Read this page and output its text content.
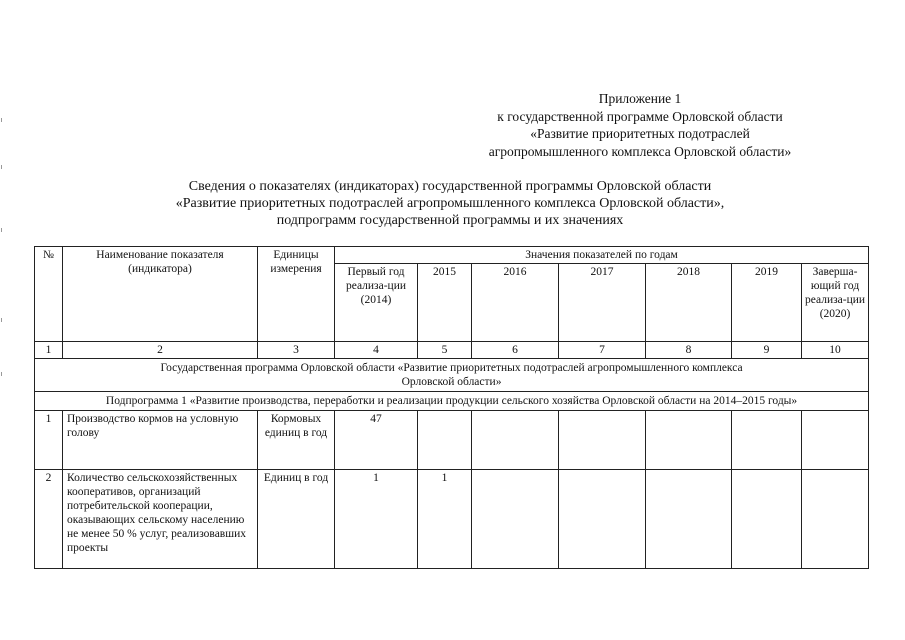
Приложение 1
к государственной программе Орловской области
«Развитие приоритетных подотраслей
агропромышленного комплекса Орловской области»
Сведения о показателях (индикаторах) государственной программы Орловской области
«Развитие приоритетных подотраслей агропромышленного комплекса Орловской области»,
подпрограмм государственной программы и их значениях
№	Наименование показателя (индикатора)	Единицы измерения	Значения показателей по годам						
			Первый год реализа-ции (2014)	2015	2016	2017	2018	2019	Заверша-ющий год реализа-ции (2020)
1	2	3	4	5	6	7	8	9	10
Государственная программа Орловской области «Развитие приоритетных подотраслей агропромышленного комплекса Орловской области»									
Подпрограмма 1 «Развитие производства, переработки и реализации продукции сельского хозяйства Орловской области на 2014–2015 годы»									
1	Производство кормов на условную голову	Кормовых единиц в год	47						
2	Количество сельскохозяйственных кооперативов, организаций потребительской кооперации, оказывающих сельскому населению не менее 50 % услуг, реализовавших проекты	Единиц в год	1	1					
